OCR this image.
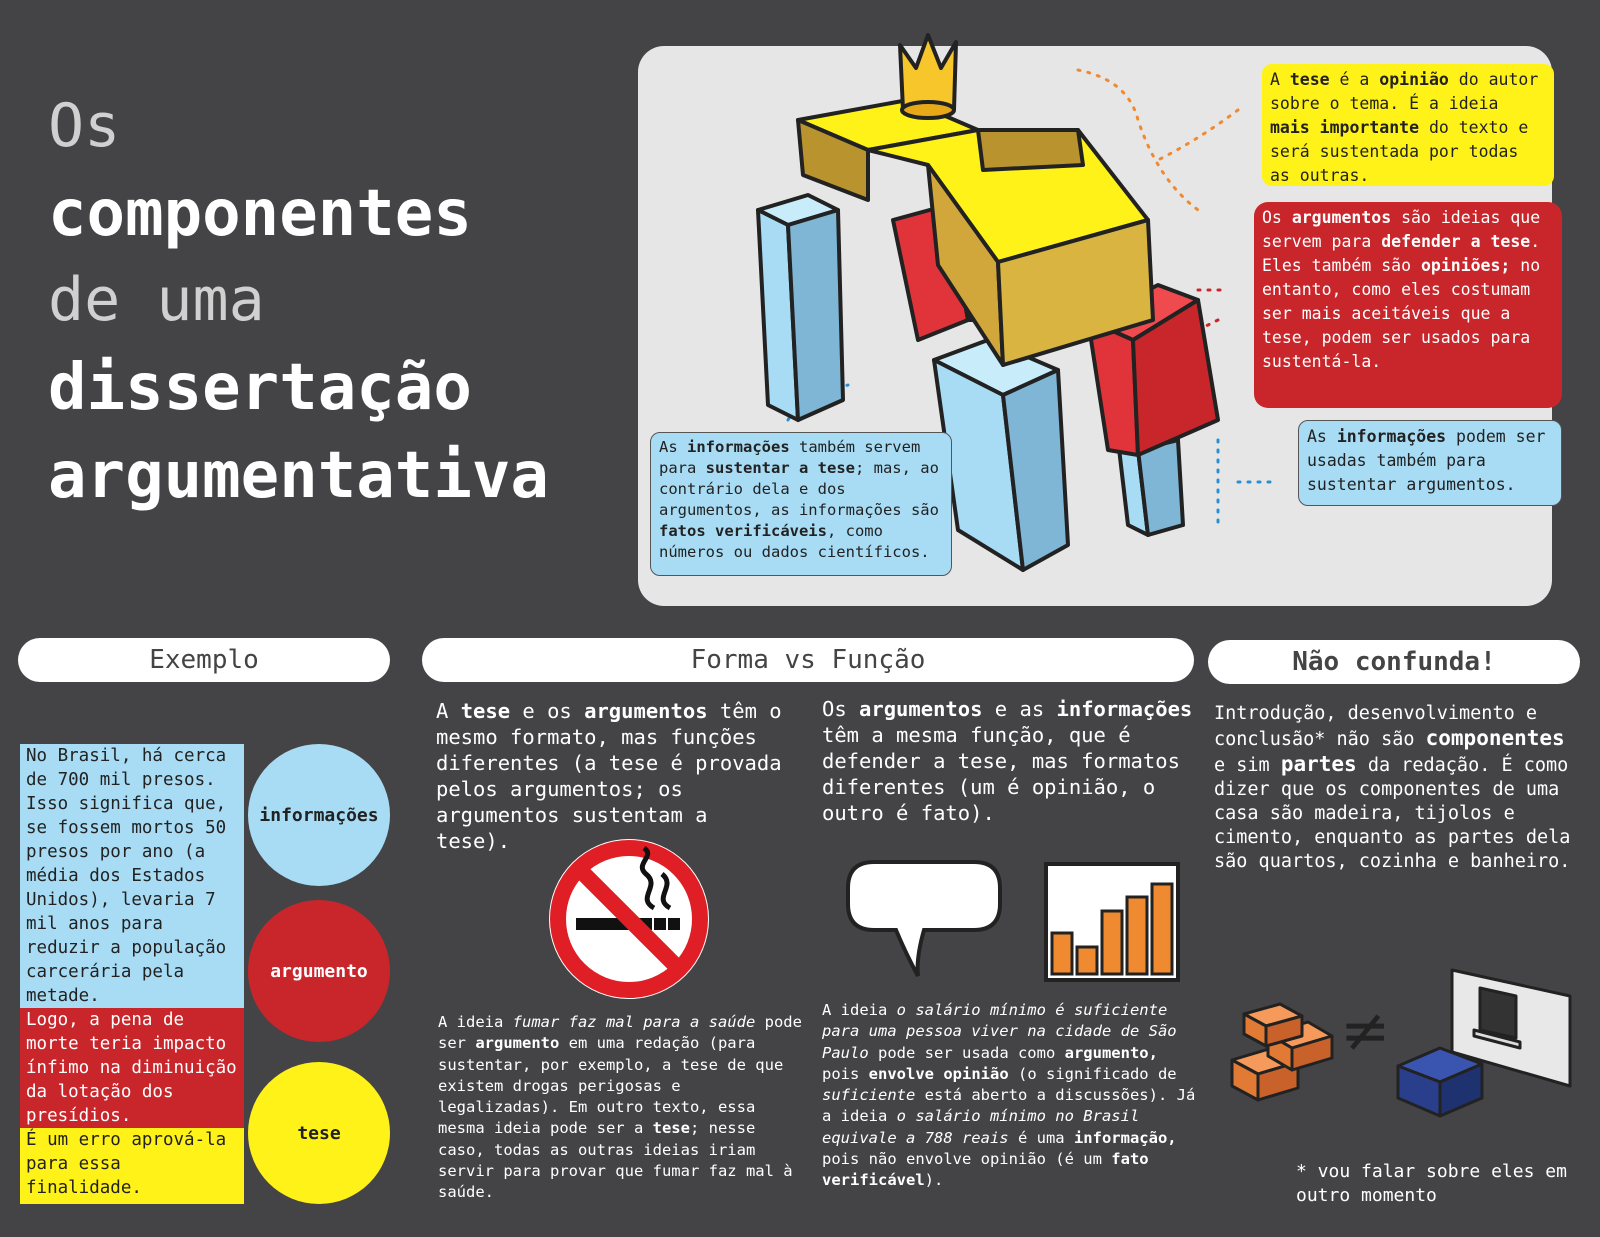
Os
componentes
de uma
dissertação
argumentativa
A tese é a opinião do autor sobre o tema. É a ideia mais importante do texto e será sustentada por todas as outras.
Os argumentos são ideias que servem para defender a tese. Eles também são opiniões; no entanto, como eles costumam ser mais aceitáveis que a tese, podem ser usados para sustentá-la.
As informações podem ser usadas também para sustentar argumentos.
As informações também servem para sustentar a tese; mas, ao contrário dela e dos argumentos, as informações são fatos verificáveis, como números ou dados científicos.
Exemplo	Forma vs Função	Não confunda!
No Brasil, há cerca de 700 mil presos. Isso significa que, se fossem mortos 50 presos por ano (a média dos Estados Unidos), levaria 7 mil anos para reduzir a população carcerária pela metade.
Logo, a pena de morte teria impacto ínfimo na diminuição da lotação dos presídios.
É um erro aprová-la para essa finalidade.
informações
argumento
tese
A tese e os argumentos têm o mesmo formato, mas funções diferentes (a tese é provada pelos argumentos; os argumentos sustentam a tese).
Os argumentos e as informações têm a mesma função, que é defender a tese, mas formatos diferentes (um é opinião, o outro é fato).
A ideia fumar faz mal para a saúde pode ser argumento em uma redação (para sustentar, por exemplo, a tese de que existem drogas perigosas e legalizadas). Em outro texto, essa mesma ideia pode ser a tese; nesse caso, todas as outras ideias iriam servir para provar que fumar faz mal à saúde.
A ideia o salário mínimo é suficiente para uma pessoa viver na cidade de São Paulo pode ser usada como argumento, pois envolve opinião (o significado de suficiente está aberto a discussões). Já a ideia o salário mínimo no Brasil equivale a 788 reais é uma informação, pois não envolve opinião (é um fato verificável).
Introdução, desenvolvimento e conclusão* não são componentes e sim partes da redação. É como dizer que os componentes de uma casa são madeira, tijolos e cimento, enquanto as partes dela são quartos, cozinha e banheiro.
≠
* vou falar sobre eles em outro momento
